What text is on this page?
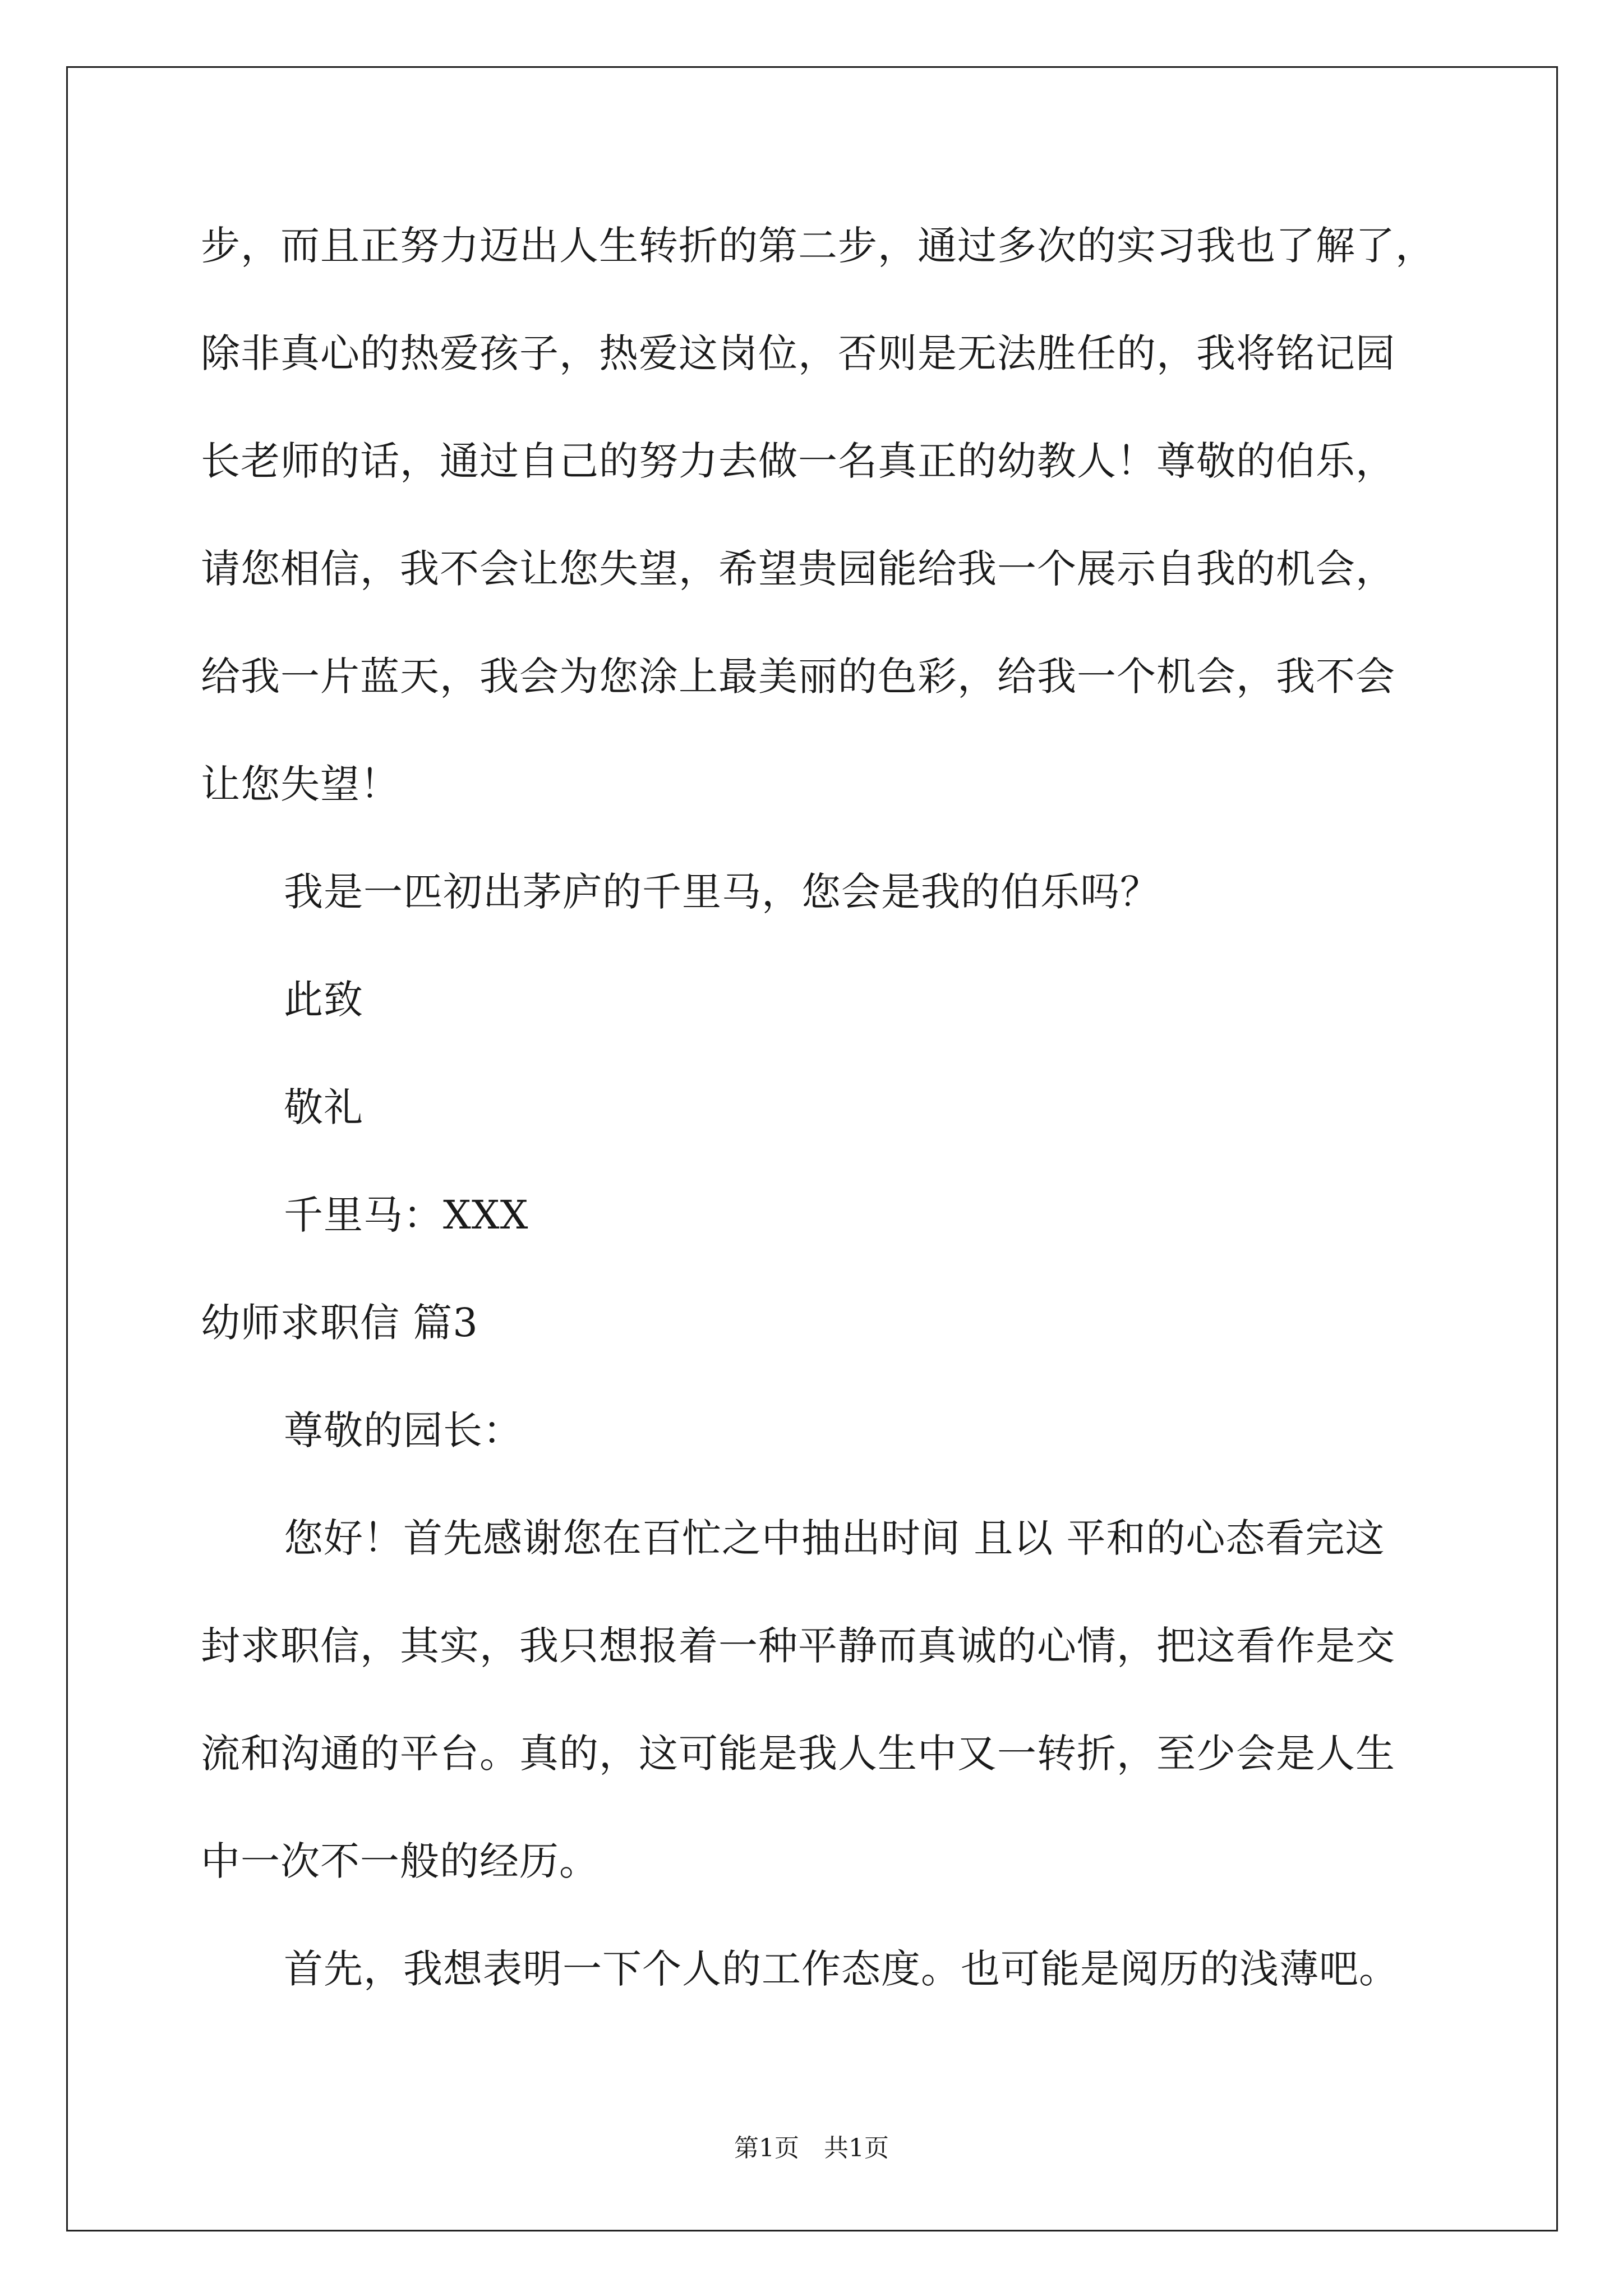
步，而且正努力迈出人生转折的第二步，通过多次的实习我也了解了，
除非真心的热爱孩子，热爱这岗位，否则是无法胜任的，我将铭记园
长老师的话，通过自己的努力去做一名真正的幼教人！尊敬的伯乐，
请您相信，我不会让您失望，希望贵园能给我一个展示自我的机会，
给我一片蓝天，我会为您涂上最美丽的色彩，给我一个机会，我不会
让您失望！
我是一匹初出茅庐的千里马，您会是我的伯乐吗？
此致
敬礼
千里马：XXX
幼师求职信 篇3
尊敬的园长：
您好！首先感谢您在百忙之中抽出时间 且以 平和的心态看完这
封求职信，其实，我只想报着一种平静而真诚的心情，把这看作是交
流和沟通的平台。真的，这可能是我人生中又一转折，至少会是人生
中一次不一般的经历。
首先，我想表明一下个人的工作态度。也可能是阅历的浅薄吧。
第1页　共1页
